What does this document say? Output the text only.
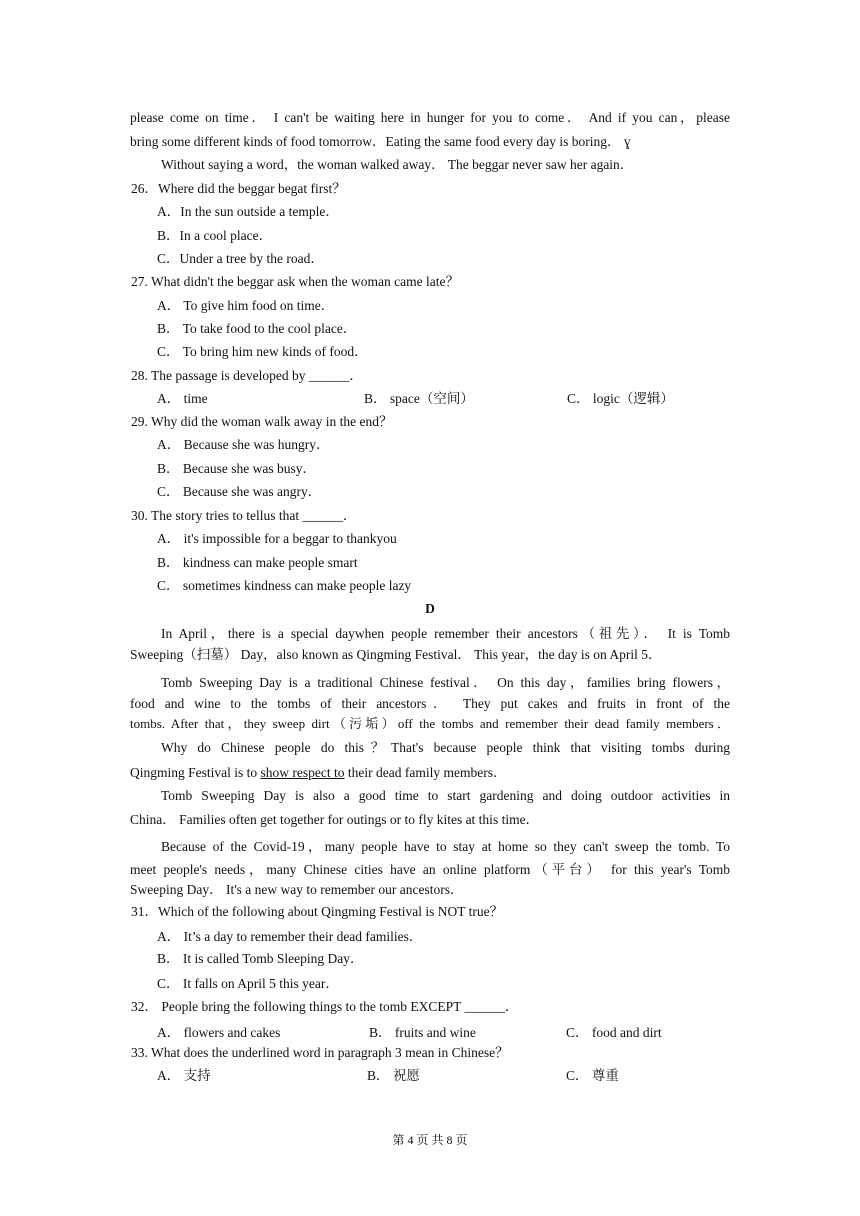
please come on time． I can't be waiting here in hunger for you to come． And if you can，please
bring some different kinds of food tomorrow．Eating the same food every day is boring． ɣ
Without saying a word，the woman walked away． The beggar never saw her again．
26．Where did the beggar begat first？
A．In the sun outside a temple．
B．In a cool place．
C．Under a tree by the road．
27. What didn't the beggar ask when the woman came late？
A． To give him food on time．
B． To take food to the cool place．
C． To bring him new kinds of food．
28. The passage is developed by ______．
A． time	B． space（空间）	C． logic（逻辑）
29. Why did the woman walk away in the end？
A． Because she was hungry．
B． Because she was busy．
C． Because she was angry．
30. The story tries to tellus that ______．
A． it's impossible for a beggar to thankyou
B． kindness can make people smart
C． sometimes kindness can make people lazy
D
In April，there is a special daywhen people remember their ancestors（祖先）． It is Tomb
Sweeping（扫墓） Day，also known as Qingming Festival． This year，the day is on April 5．
Tomb Sweeping Day is a traditional Chinese festival． On this day，families bring flowers，
food and wine to the tombs of their ancestors． They put cakes and fruits in front of the
tombs. After that，they sweep dirt（污垢）off the tombs and remember their dead family members．
Why do Chinese people do this？That's because people think that visiting tombs during
Qingming Festival is to show respect to their dead family members．
Tomb Sweeping Day is also a good time to start gardening and doing outdoor activities in
China． Families often get together for outings or to fly kites at this time．
Because of the Covid-19，many people have to stay at home so they can't sweep the tomb. To
meet people's needs，many Chinese cities have an online platform（平台） for this year's Tomb
Sweeping Day． It's a new way to remember our ancestors．
31．Which of the following about Qingming Festival is NOT true？
A． It’s a day to remember their dead families．
B． It is called Tomb Sleeping Day．
C． It falls on April 5 this year．
32． People bring the following things to the tomb EXCEPT ______．
A． flowers and cakes	B． fruits and wine	C． food and dirt
33. What does the underlined word in paragraph 3 mean in Chinese？
A． 支持	B． 祝愿	C． 尊重
第 4 页 共 8 页
